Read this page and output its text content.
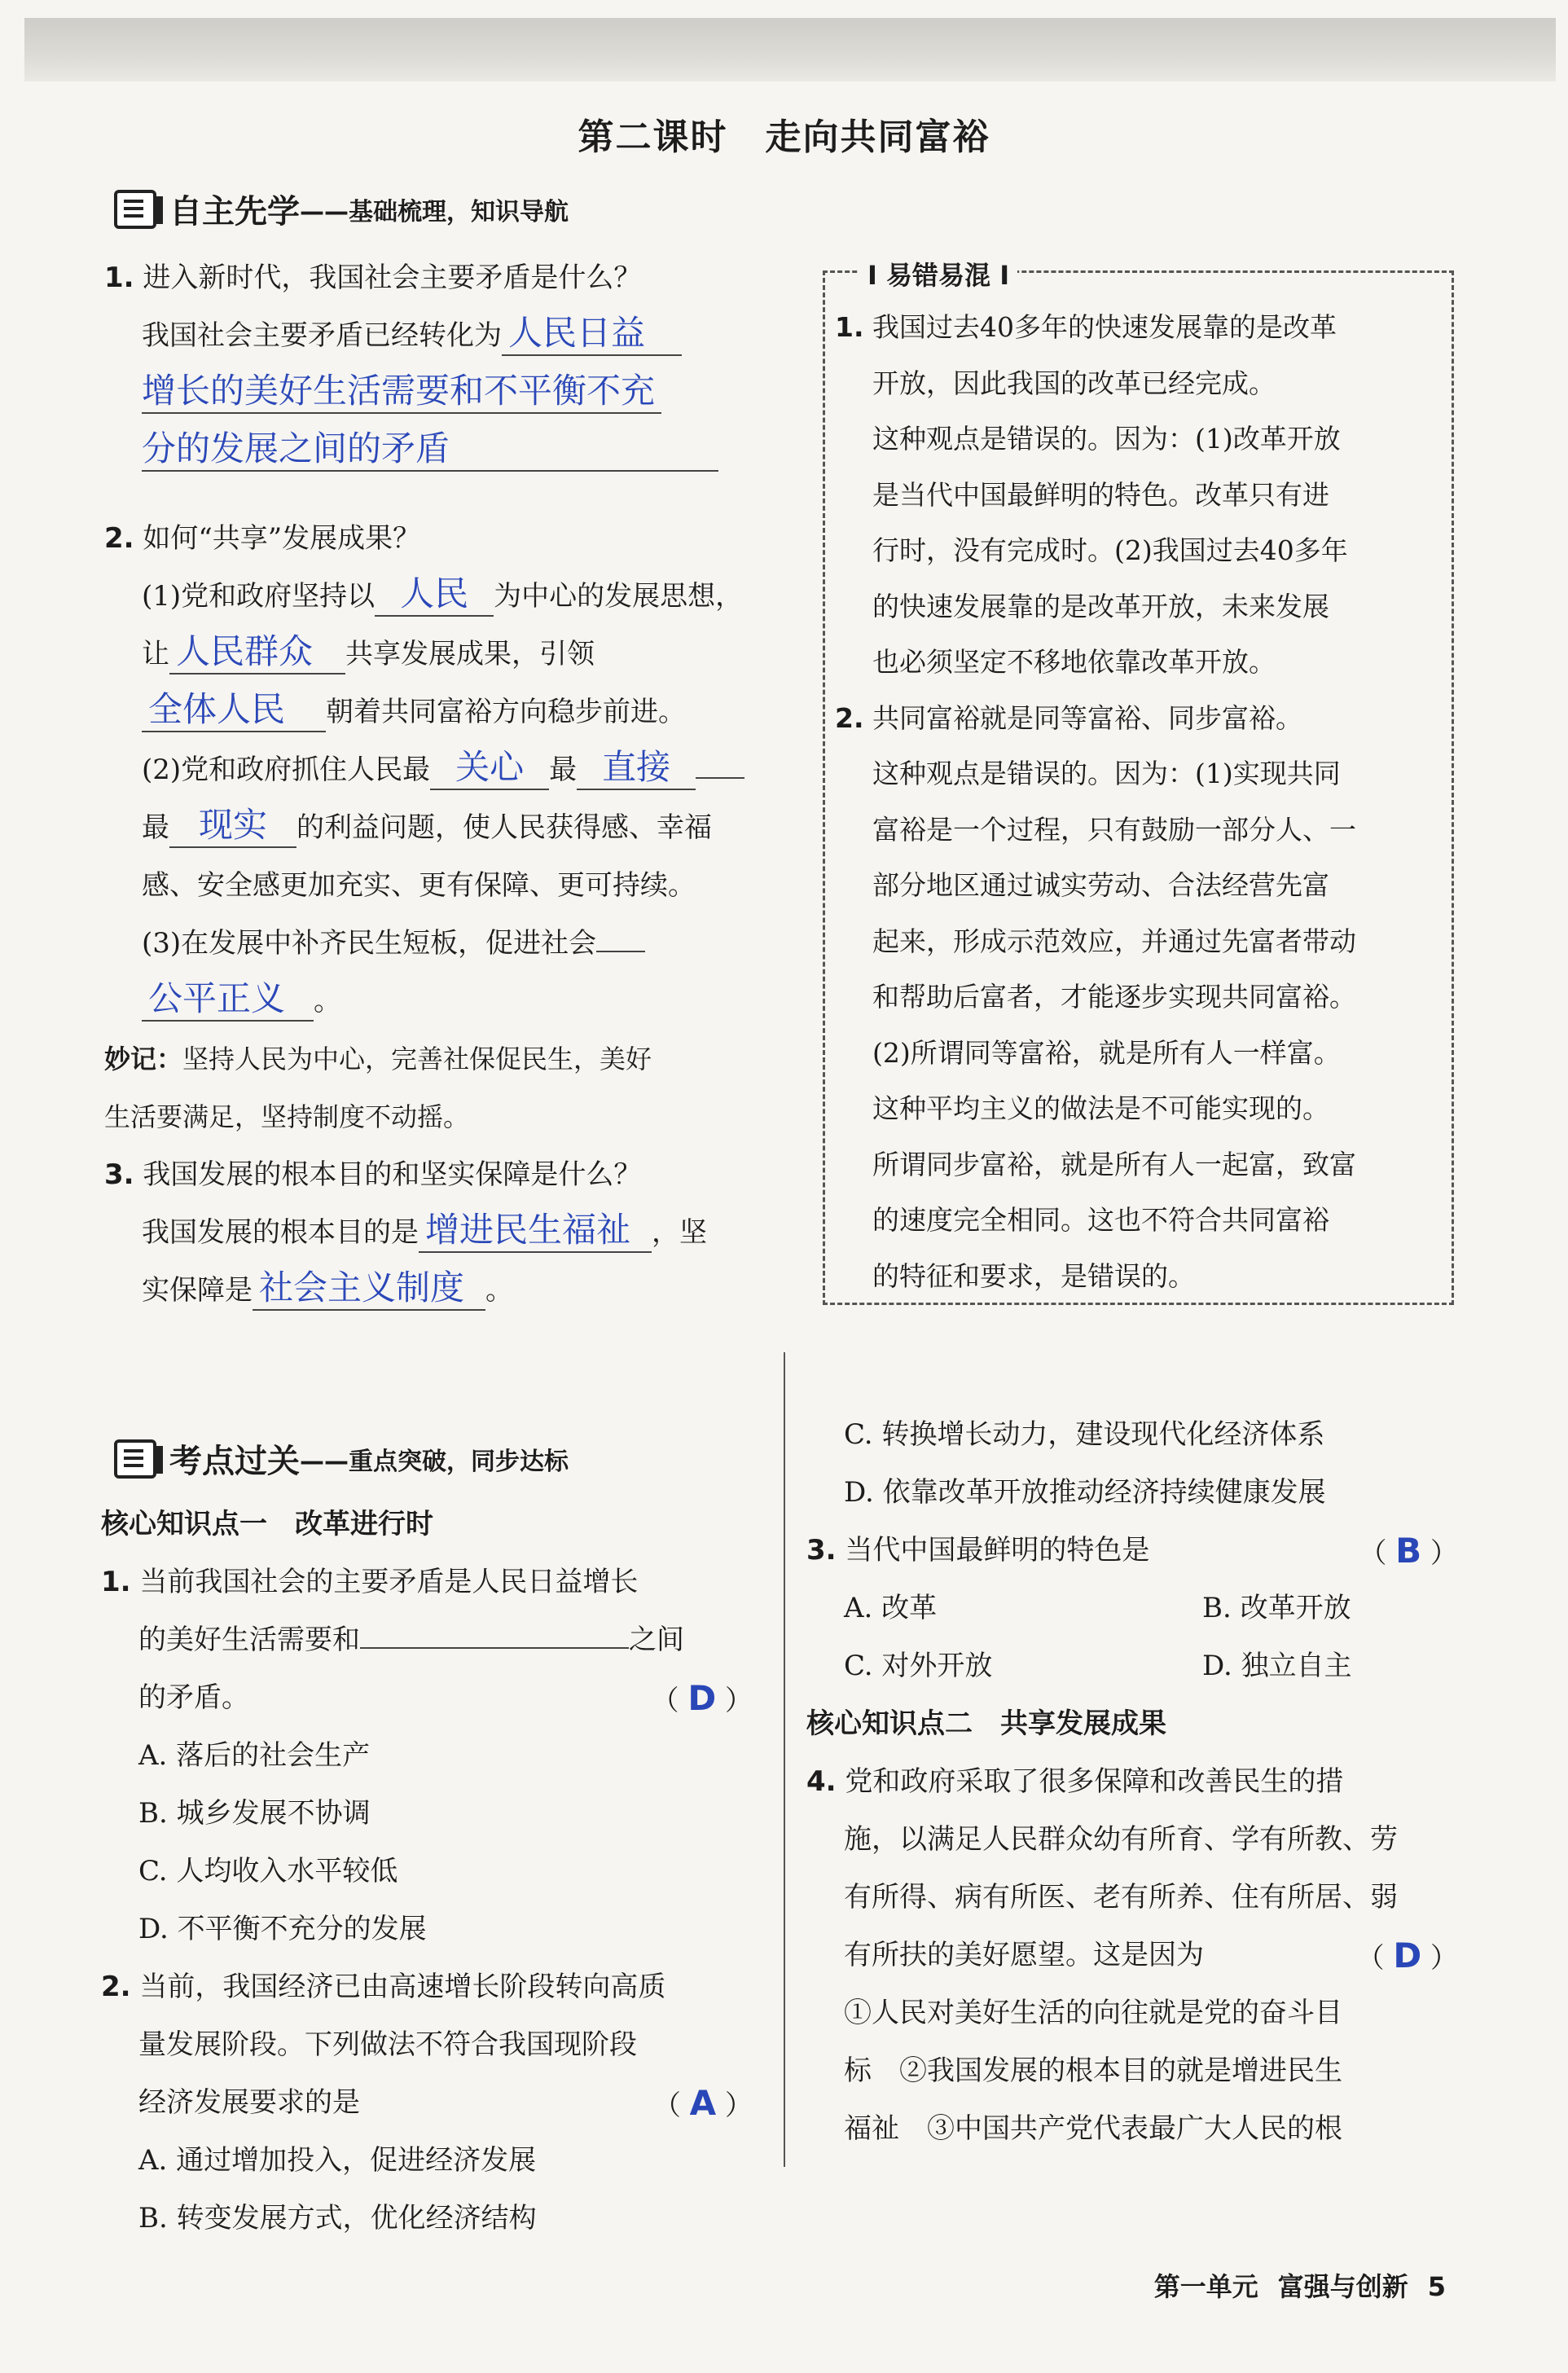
第二课时　走向共同富裕
自主先学 ——基础梳理，知识导航

1. 进入新时代，我国社会主要矛盾是什么？

我国社会主要矛盾已经转化为 人民日益

增长的美好生活需要和不平衡不充

分的发展之间的矛盾

2. 如何“共享”发展成果？

(1)党和政府坚持以 人民 为中心的发展思想，让 人民群众 共享发展成果，引领全体人民 朝着共同富裕方向稳步前进。

(2)党和政府抓住人民最 关心 最 直接最 现实 的利益问题，使人民获得感、幸福感、安全感更加充实、更有保障、更可持续。

(3)在发展中补齐民生短板，促进社会公平正义 。

妙记：坚持人民为中心，完善社保促民生，美好
生活要满足，坚持制度不动摇。

3. 我国发展的根本目的和坚实保障是什么？

我国发展的根本目的是 增进民生福祉 ，坚
实保障是 社会主义制度 。

Ⅰ 易错易混 Ⅰ

1. 我国过去40多年的快速发展靠的是改革

开放，因此我国的改革已经完成。

这种观点是错误的。因为：(1)改革开放

是当代中国最鲜明的特色。改革只有进

行时，没有完成时。(2)我国过去40多年

的快速发展靠的是改革开放，未来发展

也必须坚定不移地依靠改革开放。

2. 共同富裕就是同等富裕、同步富裕。

这种观点是错误的。因为：(1)实现共同

富裕是一个过程，只有鼓励一部分人、一

部分地区通过诚实劳动、合法经营先富

起来，形成示范效应，并通过先富者带动

和帮助后富者，才能逐步实现共同富裕。

(2)所谓同等富裕，就是所有人一样富。

这种平均主义的做法是不可能实现的。

所谓同步富裕，就是所有人一起富，致富

的速度完全相同。这也不符合共同富裕

的特征和要求，是错误的。

考点过关 ——重点突破，同步达标

核心知识点一　改革进行时

1. 当前我国社会的主要矛盾是人民日益增长

的美好生活需要和	之间

的矛盾。	（ D ）

A. 落后的社会生产

B. 城乡发展不协调

C. 人均收入水平较低

D. 不平衡不充分的发展

2. 当前，我国经济已由高速增长阶段转向高质

量发展阶段。下列做法不符合我国现阶段

经济发展要求的是	（ A ）

A. 通过增加投入，促进经济发展

B. 转变发展方式，优化经济结构

C. 转换增长动力，建设现代化经济体系

D. 依靠改革开放推动经济持续健康发展

3. 当代中国最鲜明的特色是	（ B ）

A. 改革	B. 改革开放

C. 对外开放	D. 独立自主

核心知识点二　共享发展成果

4. 党和政府采取了很多保障和改善民生的措

施，以满足人民群众幼有所育、学有所教、劳

有所得、病有所医、老有所养、住有所居、弱

有所扶的美好愿望。这是因为	（ D ）

①人民对美好生活的向往就是党的奋斗目

标　②我国发展的根本目的就是增进民生

福祉　③中国共产党代表最广大人民的根

第一单元 富强与创新 5
